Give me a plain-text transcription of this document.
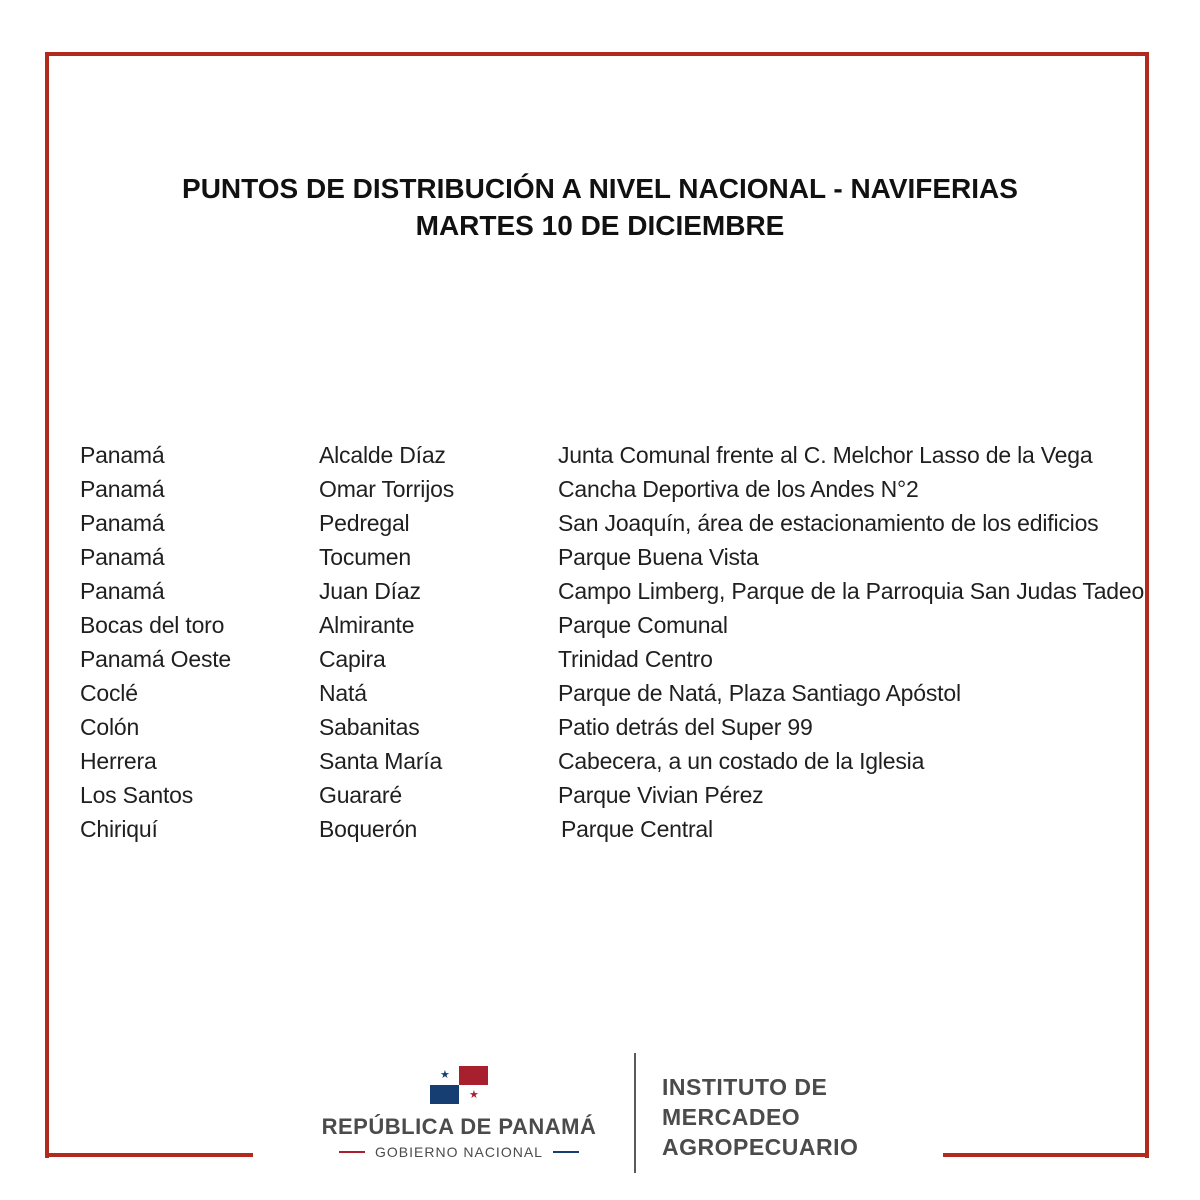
PUNTOS DE DISTRIBUCIÓN A NIVEL NACIONAL - NAVIFERIAS
MARTES 10 DE DICIEMBRE
Panamá	Alcalde Díaz	Junta Comunal frente al C. Melchor Lasso de la Vega
Panamá	Omar Torrijos	Cancha Deportiva de los Andes N°2
Panamá	Pedregal	San Joaquín, área de estacionamiento de los edificios
Panamá	Tocumen	Parque Buena Vista
Panamá	Juan Díaz	Campo Limberg, Parque de la Parroquia San Judas Tadeo
Bocas del toro	Almirante	Parque Comunal
Panamá Oeste	Capira	Trinidad Centro
Coclé	Natá	Parque de Natá, Plaza Santiago Apóstol
Colón	Sabanitas	Patio detrás del Super 99
Herrera	Santa María	Cabecera, a un costado de la Iglesia
Los Santos	Guararé	Parque Vivian Pérez
Chiriquí	Boquerón	Parque Central
★
★
REPÚBLICA DE PANAMÁ
GOBIERNO NACIONAL
INSTITUTO DE
MERCADEO
AGROPECUARIO
